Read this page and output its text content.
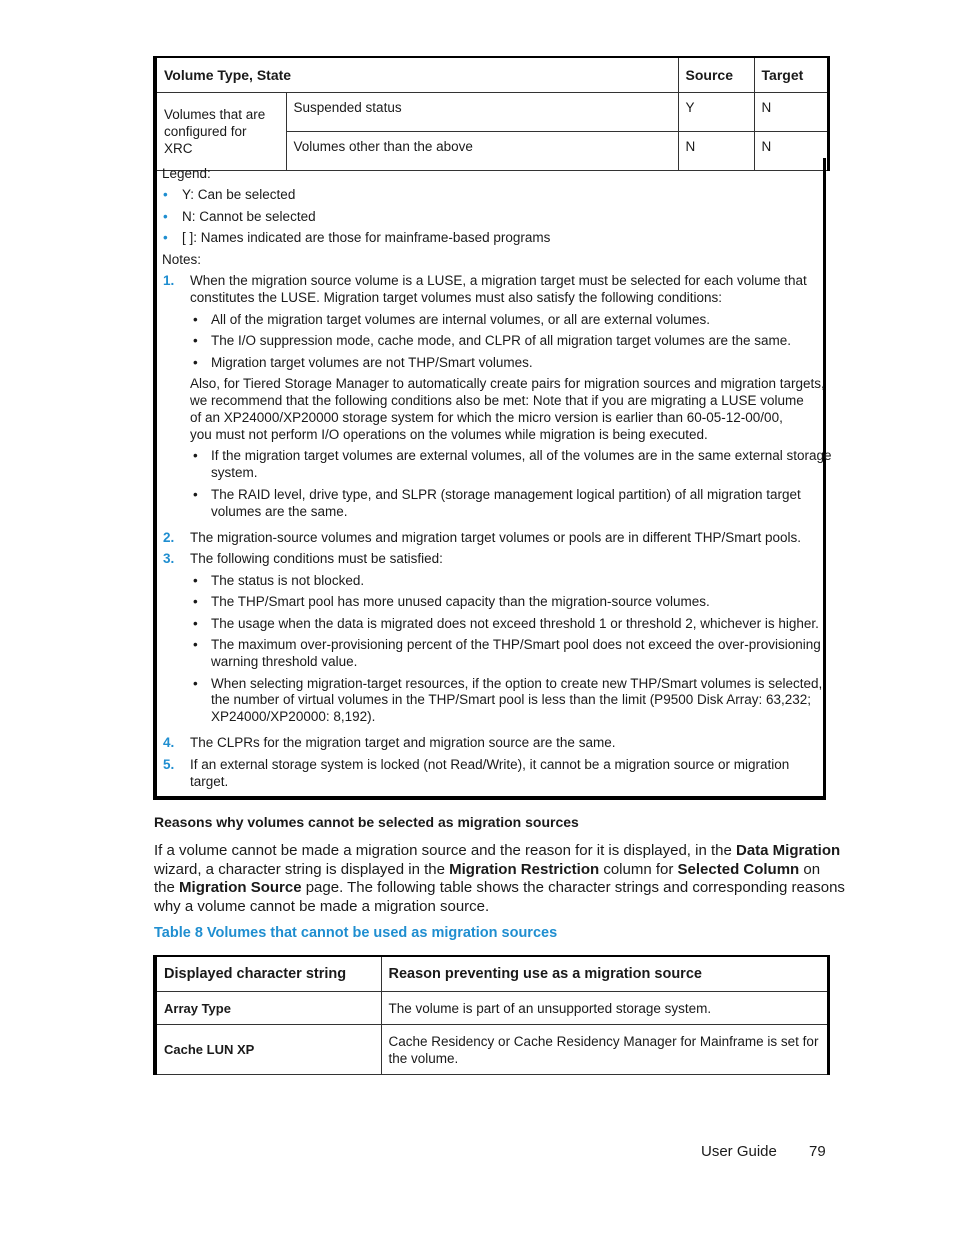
Volume Type, State		Source	Target
Volumes that are configured for XRC	Suspended status	Y	N
	Volumes other than the above	N	N
Legend:
• Y: Can be selected
• N: Cannot be selected
• [ ]: Names indicated are those for mainframe-based programs
Notes:
1. When the migration source volume is a LUSE, a migration target must be selected for each volume that
constitutes the LUSE. Migration target volumes must also satisfy the following conditions:
• All of the migration target volumes are internal volumes, or all are external volumes.
• The I/O suppression mode, cache mode, and CLPR of all migration target volumes are the same.
• Migration target volumes are not THP/Smart volumes.
Also, for Tiered Storage Manager to automatically create pairs for migration sources and migration targets,
we recommend that the following conditions also be met: Note that if you are migrating a LUSE volume
of an XP24000/XP20000 storage system for which the micro version is earlier than 60-05-12-00/00,
you must not perform I/O operations on the volumes while migration is being executed.
• If the migration target volumes are external volumes, all of the volumes are in the same external storage
system.
• The RAID level, drive type, and SLPR (storage management logical partition) of all migration target
volumes are the same.
2. The migration-source volumes and migration target volumes or pools are in different THP/Smart pools.
3. The following conditions must be satisfied:
• The status is not blocked.
• The THP/Smart pool has more unused capacity than the migration-source volumes.
• The usage when the data is migrated does not exceed threshold 1 or threshold 2, whichever is higher.
• The maximum over-provisioning percent of the THP/Smart pool does not exceed the over-provisioning
warning threshold value.
• When selecting migration-target resources, if the option to create new THP/Smart volumes is selected,
the number of virtual volumes in the THP/Smart pool is less than the limit (P9500 Disk Array: 63,232;
XP24000/XP20000: 8,192).
4. The CLPRs for the migration target and migration source are the same.
5. If an external storage system is locked (not Read/Write), it cannot be a migration source or migration
target.
Reasons why volumes cannot be selected as migration sources
If a volume cannot be made a migration source and the reason for it is displayed, in the Data Migration
wizard, a character string is displayed in the Migration Restriction column for Selected Column on
the Migration Source page. The following table shows the character strings and corresponding reasons
why a volume cannot be made a migration source.
Table 8 Volumes that cannot be used as migration sources
Displayed character string	Reason preventing use as a migration source
Array Type	The volume is part of an unsupported storage system.
Cache LUN XP	Cache Residency or Cache Residency Manager for Mainframe is set for
the volume.
User Guide 79
